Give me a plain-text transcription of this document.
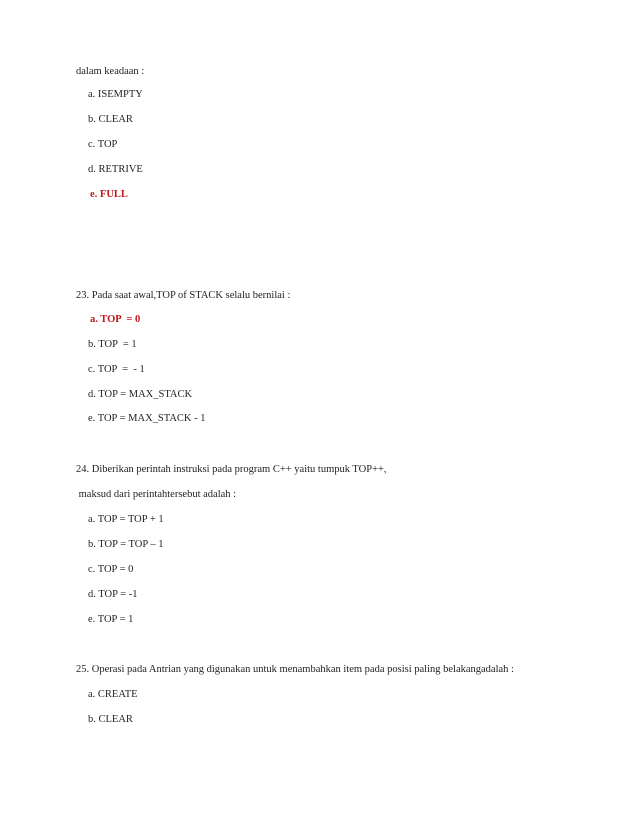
dalam keadaan :
a. ISEMPTY
b. CLEAR
c. TOP
d. RETRIVE
e. FULL
23. Pada saat awal,TOP of STACK selalu bernilai :
a. TOP  = 0
b. TOP  = 1
c. TOP  =  - 1
d. TOP = MAX_STACK
e. TOP = MAX_STACK - 1
24. Diberikan perintah instruksi pada program C++ yaitu tumpuk TOP++,
maksud dari perintahtersebut adalah :
a. TOP = TOP + 1
b. TOP = TOP – 1
c. TOP = 0
d. TOP = -1
e. TOP = 1
25. Operasi pada Antrian yang digunakan untuk menambahkan item pada posisi paling belakangadalah :
a. CREATE
b. CLEAR
